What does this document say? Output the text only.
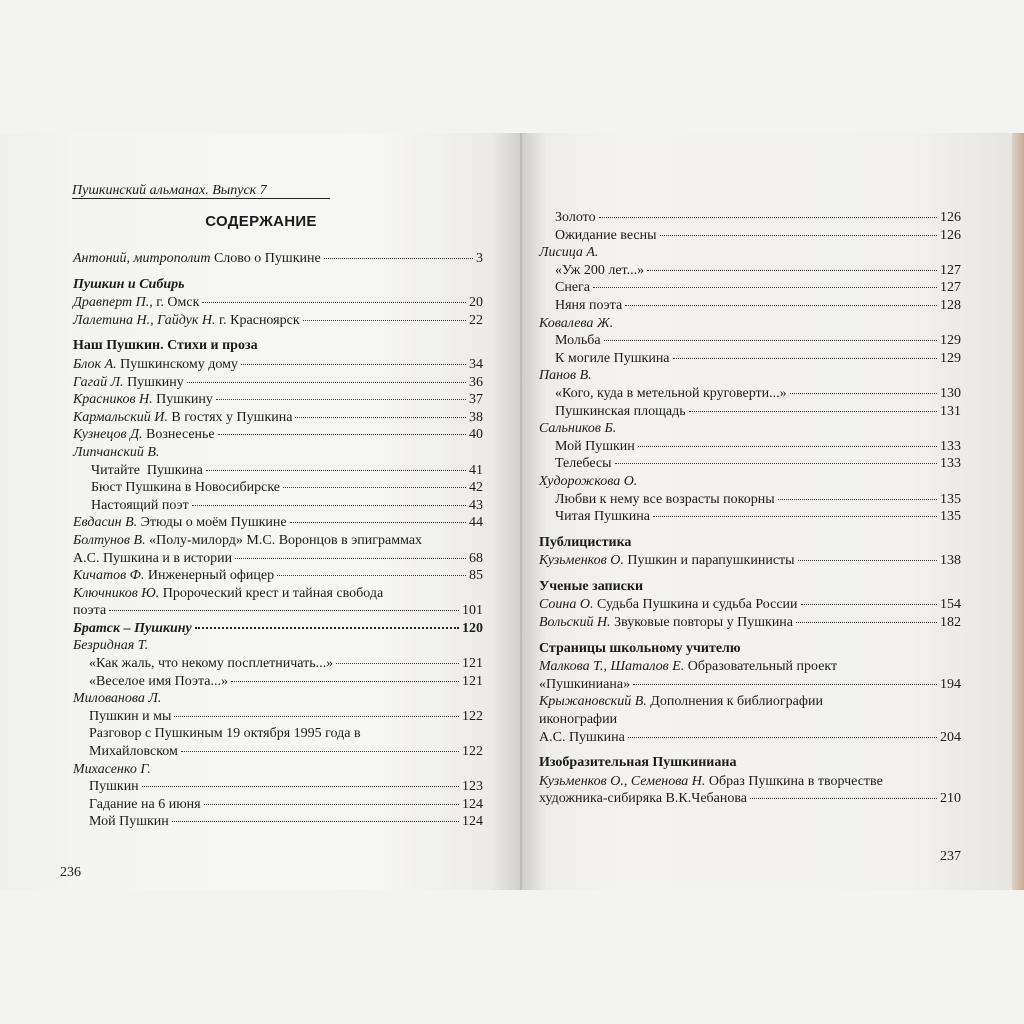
Пушкинский альманах. Выпуск 7
СОДЕРЖАНИЕ
Антоний, митрополит Слово о Пушкине	3
Пушкин и Сибирь
Дравперт П., г. Омск	20
Лалетина Н., Гайдук Н. г. Красноярск	22
Наш Пушкин. Стихи и проза
Блок А. Пушкинскому дому	34
Гагай Л. Пушкину	36
Красников Н. Пушкину	37
Кармальский И. В гостях у Пушкина	38
Кузнецов Д. Вознесенье	40
Липчанский В.
Читайте  Пушкина	41
Бюст Пушкина в Новосибирске	42
Настоящий поэт	43
Евдасин В. Этюды о моём Пушкине	44
Болтунов В. «Полу-милорд» М.С. Воронцов в эпиграммах
А.С. Пушкина и в истории	68
Кичатов Ф. Инженерный офицер	85
Ключников Ю. Пророческий крест и тайная свобода
поэта	101
Братск – Пушкину	120
Безридная Т.
«Как жаль, что некому посплетничать...»	121
«Веселое имя Поэта...»	121
Милованова Л.
Пушкин и мы	122
Разговор с Пушкиным 19 октября 1995 года в
Михайловском	122
Михасенко Г.
Пушкин	123
Гадание на 6 июня	124
Мой Пушкин	124
236
Золото	126
Ожидание весны	126
Лисица А.
«Уж 200 лет...»	127
Снега	127
Няня поэта	128
Ковалева Ж.
Мольба	129
К могиле Пушкина	129
Панов В.
«Кого, куда в метельной круговерти...»	130
Пушкинская площадь	131
Сальников Б.
Мой Пушкин	133
Телебесы	133
Худорожкова О.
Любви к нему все возрасты покорны	135
Читая Пушкина	135
Публицистика
Кузьменков О. Пушкин и парапушкинисты	138
Ученые записки
Соина О. Судьба Пушкина и судьба России	154
Вольский Н. Звуковые повторы у Пушкина	182
Страницы школьному учителю
Малкова Т., Шаталов Е. Образовательный проект
«Пушкиниана»	194
Крыжановский В. Дополнения к библиографии
иконографии
А.С. Пушкина	204
Изобразительная Пушкиниана
Кузьменков О., Семенова Н. Образ Пушкина в творчестве
художника-сибиряка В.К.Чебанова	210
237
